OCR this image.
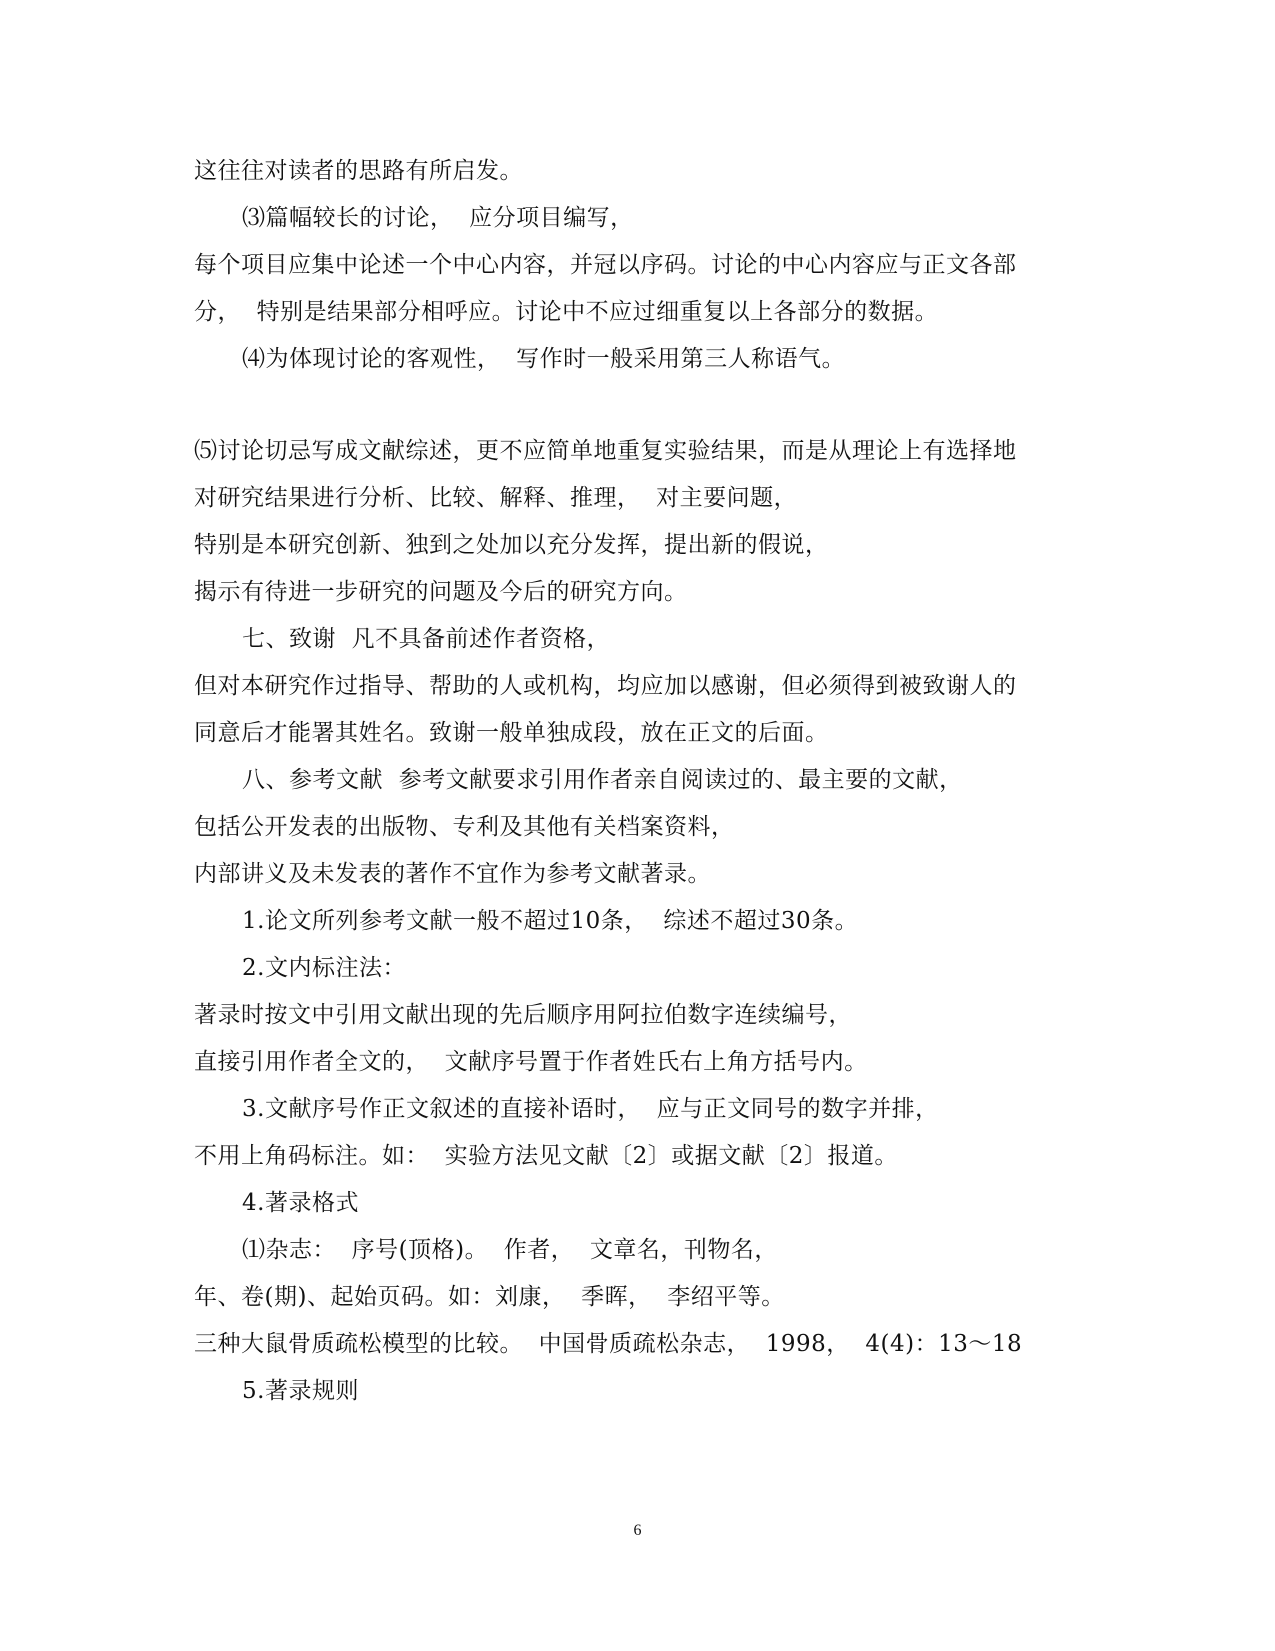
这往往对读者的思路有所启发。
⑶篇幅较长的讨论，  应分项目编写，
每个项目应集中论述一个中心内容，并冠以序码。讨论的中心内容应与正文各部
分，  特别是结果部分相呼应。讨论中不应过细重复以上各部分的数据。
⑷为体现讨论的客观性，  写作时一般采用第三人称语气。
⑸讨论切忌写成文献综述，更不应简单地重复实验结果，而是从理论上有选择地
对研究结果进行分析、比较、解释、推理，  对主要问题，
特别是本研究创新、独到之处加以充分发挥，提出新的假说，
揭示有待进一步研究的问题及今后的研究方向。
七、致谢  凡不具备前述作者资格，
但对本研究作过指导、帮助的人或机构，均应加以感谢，但必须得到被致谢人的
同意后才能署其姓名。致谢一般单独成段，放在正文的后面。
八、参考文献  参考文献要求引用作者亲自阅读过的、最主要的文献，
包括公开发表的出版物、专利及其他有关档案资料，
内部讲义及未发表的著作不宜作为参考文献著录。
1.论文所列参考文献一般不超过10条，  综述不超过30条。
2.文内标注法：
著录时按文中引用文献出现的先后顺序用阿拉伯数字连续编号，
直接引用作者全文的，  文献序号置于作者姓氏右上角方括号内。
3.文献序号作正文叙述的直接补语时，  应与正文同号的数字并排，
不用上角码标注。如：  实验方法见文献〔2〕或据文献〔2〕报道。
4.著录格式
⑴杂志：  序号(顶格)。  作者，  文章名，刊物名，
年、卷(期)、起始页码。如：刘康，  季晖，  李绍平等。
三种大鼠骨质疏松模型的比较。  中国骨质疏松杂志，  1998，  4(4)：13～18
5.著录规则
6
